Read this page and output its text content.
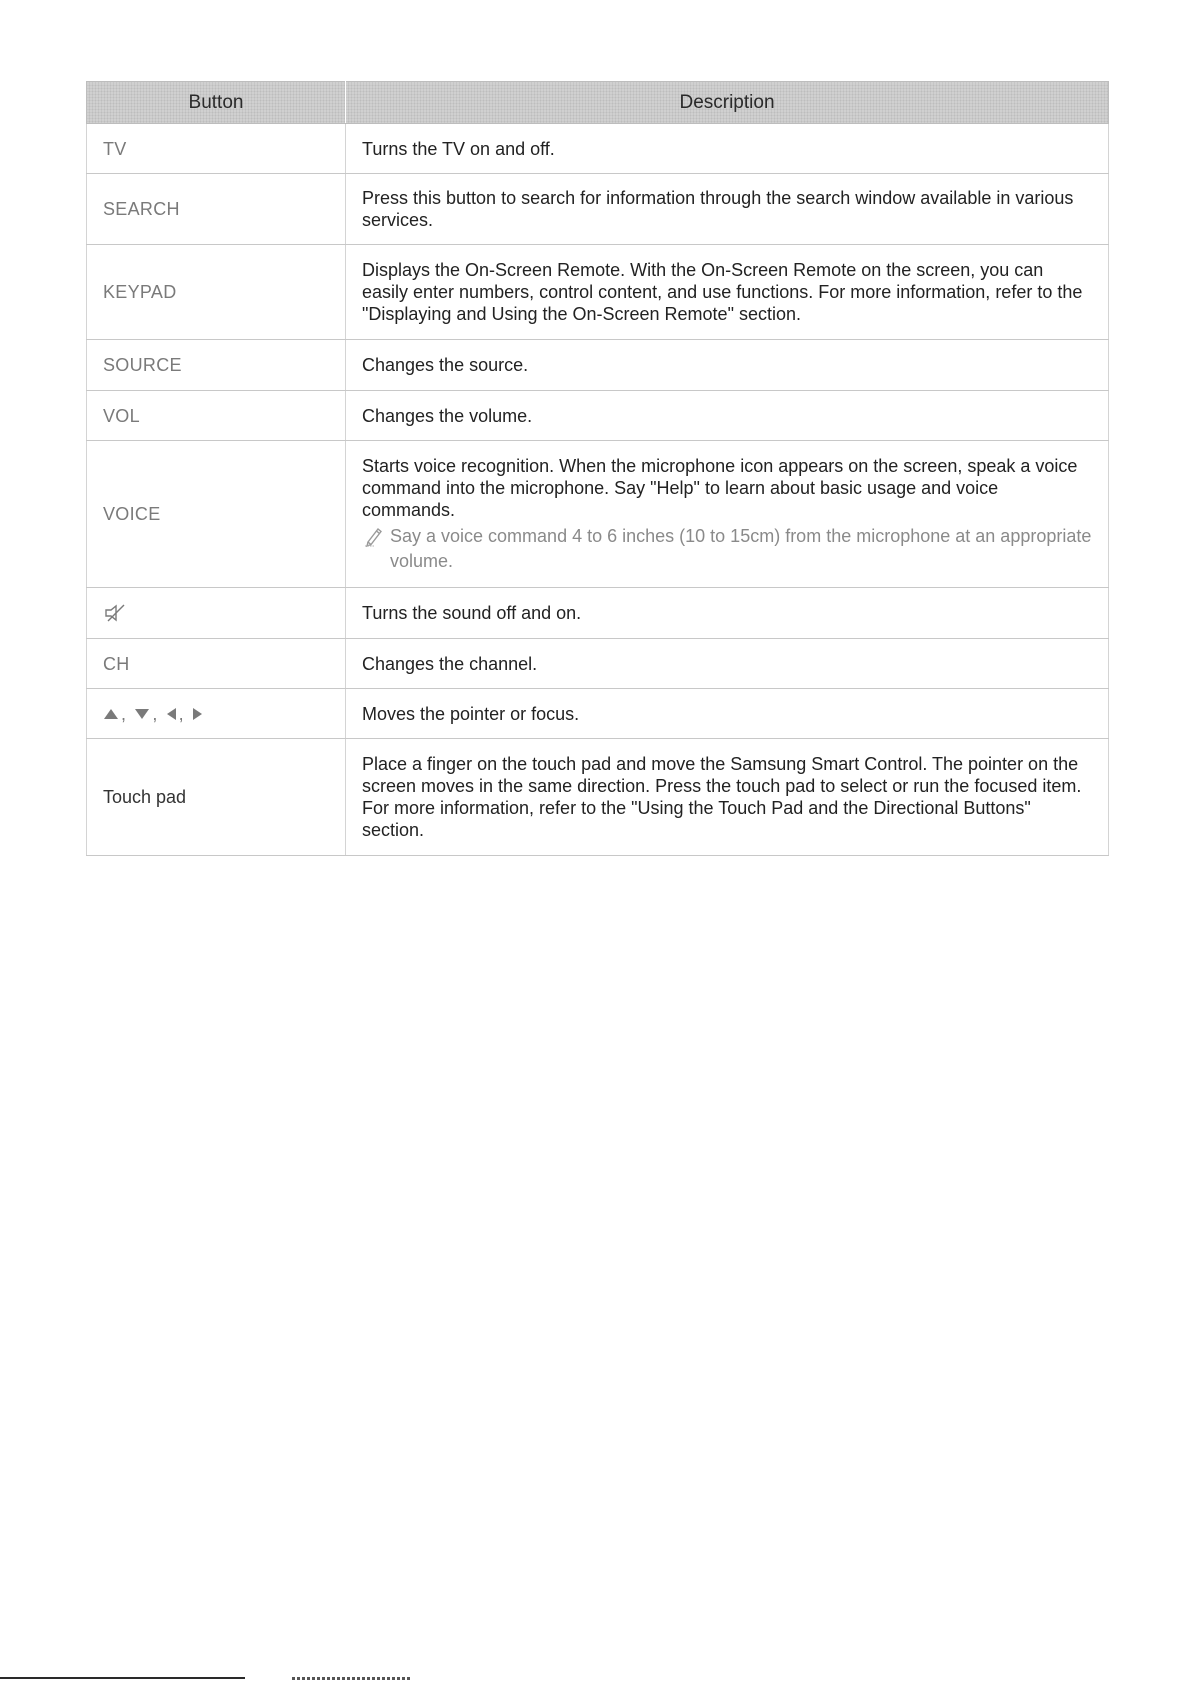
Button	Description
TV	Turns the TV on and off.
SEARCH	Press this button to search for information through the search window available in various services.
KEYPAD	Displays the On-Screen Remote. With the On-Screen Remote on the screen, you can easily enter numbers, control content, and use functions. For more information, refer to the "Displaying and Using the On-Screen Remote" section.
SOURCE	Changes the source.
VOL	Changes the volume.
VOICE	Starts voice recognition. When the microphone icon appears on the screen, speak a voice command into the microphone. Say "Help" to learn about basic usage and voice commands.
Say a voice command 4 to 6 inches (10 to 15cm) from the microphone at an appropriate volume.

	Turns the sound off and on.
CH	Changes the channel.

, , ,	Moves the pointer or focus.
Touch pad	Place a finger on the touch pad and move the Samsung Smart Control. The pointer on the screen moves in the same direction. Press the touch pad to select or run the focused item. For more information, refer to the "Using the Touch Pad and the Directional Buttons" section.
